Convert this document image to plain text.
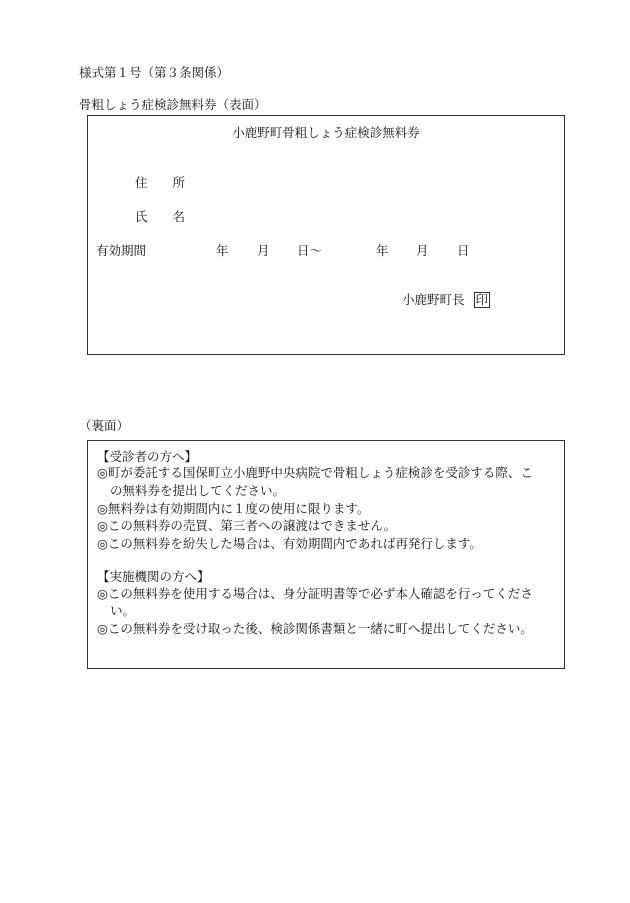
様式第１号（第３条関係）
骨粗しょう症検診無料券（表面）
小鹿野町骨粗しょう症検診無料券
住　　所
氏　　名
有効期間	年 月 日～	年 月 日
小鹿野町長 印
（裏面）
【受診者の方へ】
◎町が委託する国保町立小鹿野中央病院で骨粗しょう症検診を受診する際、こ
の無料券を提出してください。
◎無料券は有効期間内に１度の使用に限ります。
◎この無料券の売買、第三者への譲渡はできません。
◎この無料券を紛失した場合は、有効期間内であれば再発行します。
【実施機関の方へ】
◎この無料券を使用する場合は、身分証明書等で必ず本人確認を行ってくださ
い。
◎この無料券を受け取った後、検診関係書類と一緒に町へ提出してください。
